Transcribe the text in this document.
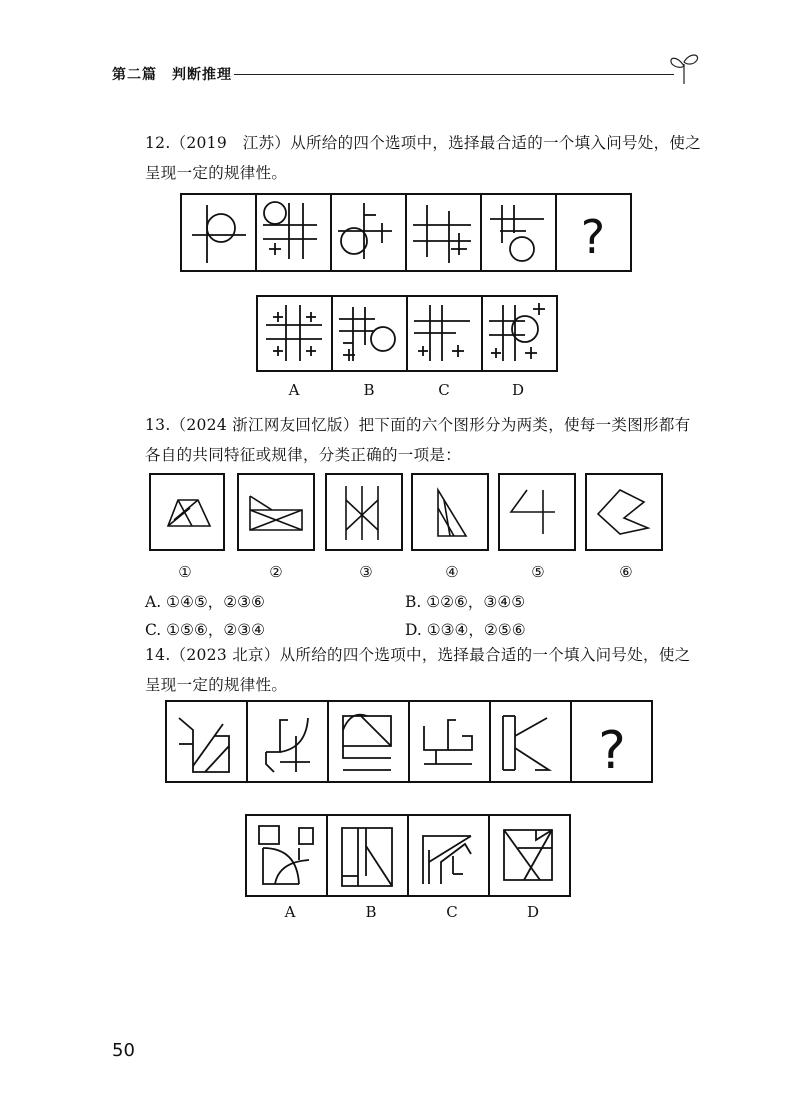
第二篇　判断推理

12.（2019　江苏）从所给的四个选项中，选择最合适的一个填入问号处，使之呈现一定的规律性。

?
A	B	C	D

13.（2024 浙江网友回忆版）把下面的六个图形分为两类，使每一类图形都有各自的共同特征或规律，分类正确的一项是：

①	②	③	④	⑤	⑥
A. ①④⑤，②③⑥	B. ①②⑥，③④⑤
C. ①⑤⑥，②③④	D. ①③④，②⑤⑥

14.（2023 北京）从所给的四个选项中，选择最合适的一个填入问号处，使之呈现一定的规律性。

?
A	B	C	D
50
